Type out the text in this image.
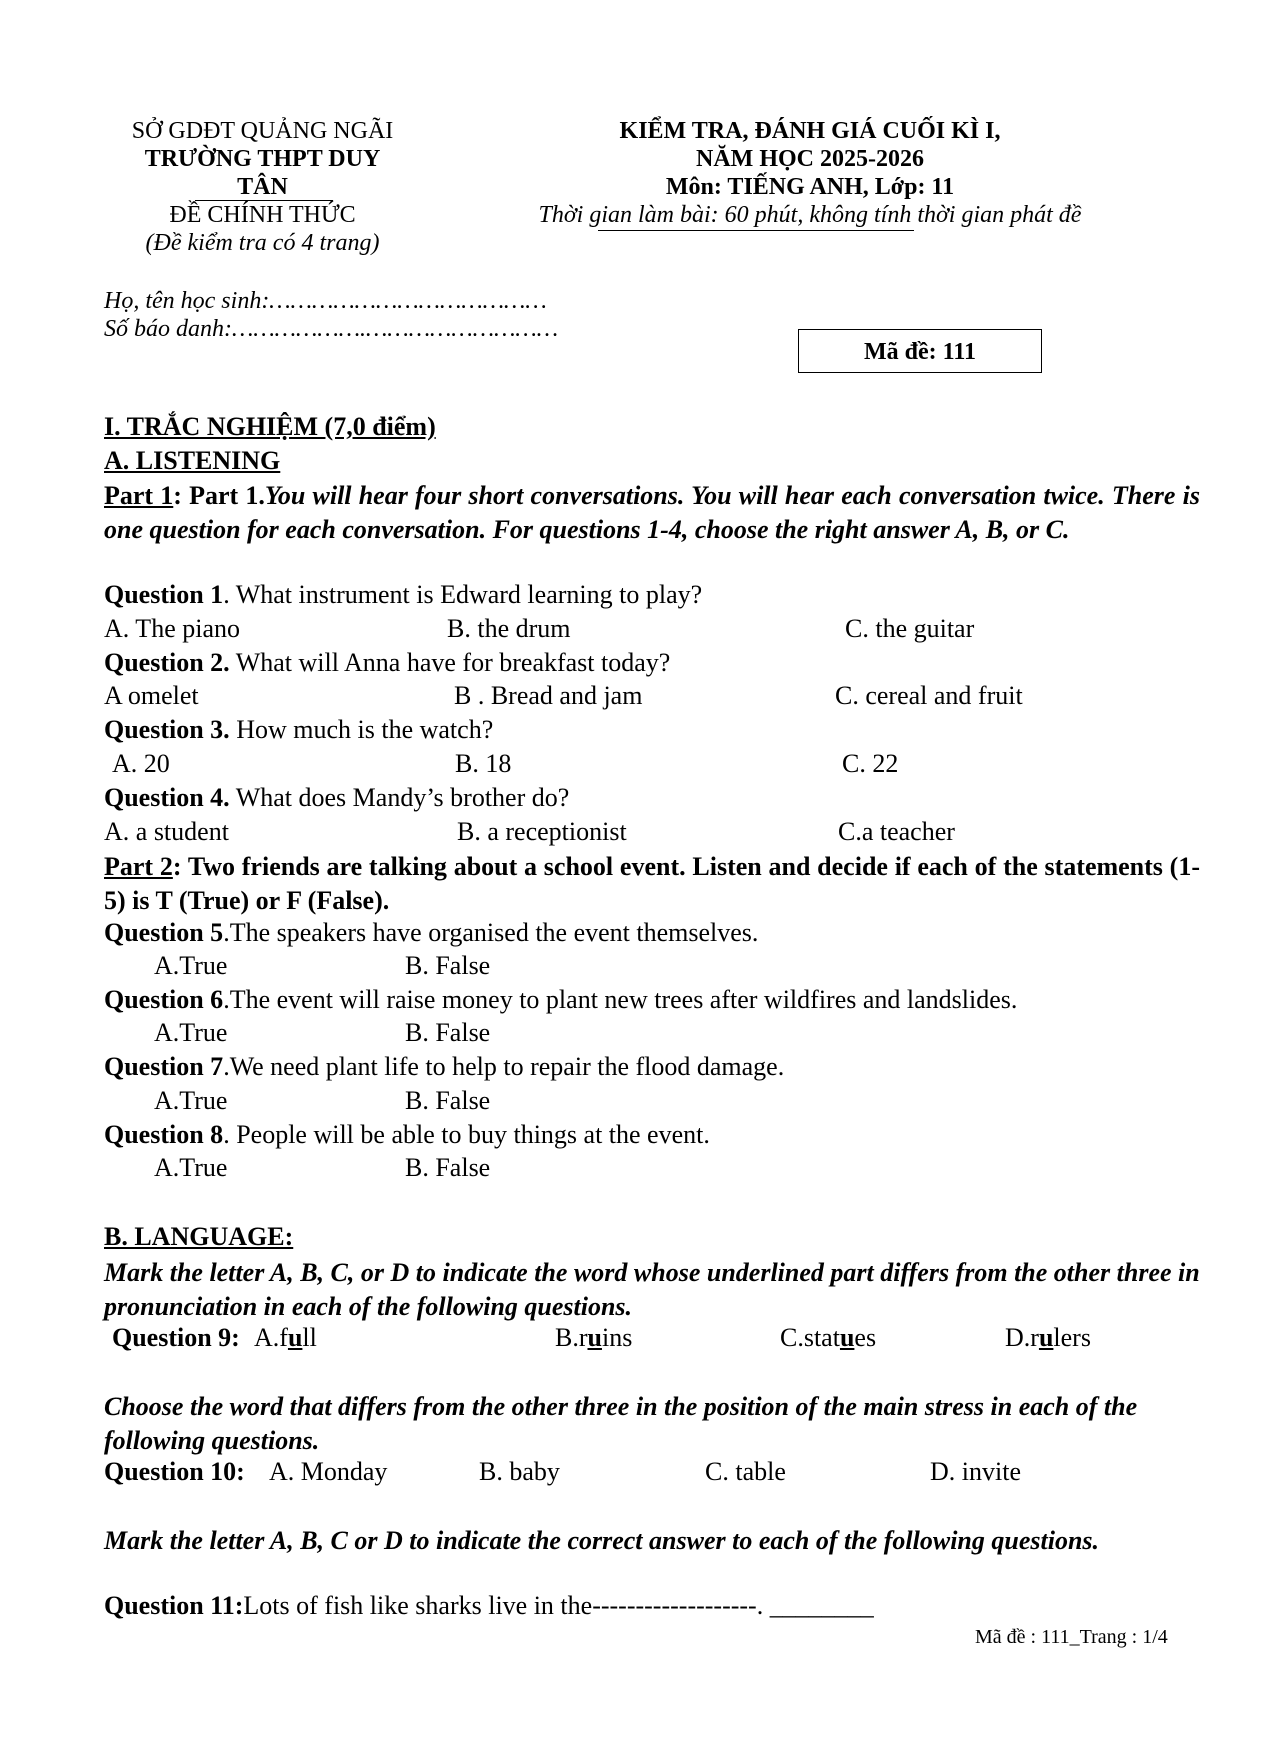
SỞ GDĐT QUẢNG NGÃI
TRƯỜNG THPT DUY
TÂN
ĐỀ CHÍNH THỨC
(Đề kiểm tra có 4 trang)
KIỂM TRA, ĐÁNH GIÁ CUỐI KÌ I,
NĂM HỌC 2025-2026
Môn: TIẾNG ANH, Lớp: 11
Thời gian làm bài: 60 phút, không tính thời gian phát đề
Họ, tên học sinh:…………………………………
Số báo danh:……………….………………………
Mã đề: 111
I. TRẮC NGHIỆM (7,0 điểm)
A. LISTENING
Part 1: Part 1.You will hear four short conversations. You will hear each conversation twice. There is one question for each conversation. For questions 1-4, choose the right answer A, B, or C.
Question 1. What instrument is Edward learning to play?
A. The piano	B. the drum	C. the guitar
Question 2. What will Anna have for breakfast today?
A omelet	B . Bread and jam	C. cereal and fruit
Question 3. How much is the watch?
A. 20	B. 18	C. 22
Question 4. What does Mandy’s brother do?
A. a student	B. a receptionist	C.a teacher
Part 2: Two friends are talking about a school event. Listen and decide if each of the statements (1-5) is T (True) or F (False).
Question 5.The speakers have organised the event themselves.
A.True	B. False
Question 6.The event will raise money to plant new trees after wildfires and landslides.
A.True	B. False
Question 7.We need plant life to help to repair the flood damage.
A.True	B. False
Question 8. People will be able to buy things at the event.
A.True	B. False
B. LANGUAGE:
Mark the letter A, B, C, or D to indicate the word whose underlined part differs from the other three in pronunciation in each of the following questions.
Question 9: A.full	B.ruins	C.statues	D.rulers
Choose the word that differs from the other three in the position of the main stress in each of the following questions.
Question 10: A. Monday	B. baby	C. table	D. invite
Mark the letter A, B, C or D to indicate the correct answer to each of the following questions.
Question 11:Lots of fish like sharks live in the-------------------. ________
Mã đề : 111_Trang : 1/4
